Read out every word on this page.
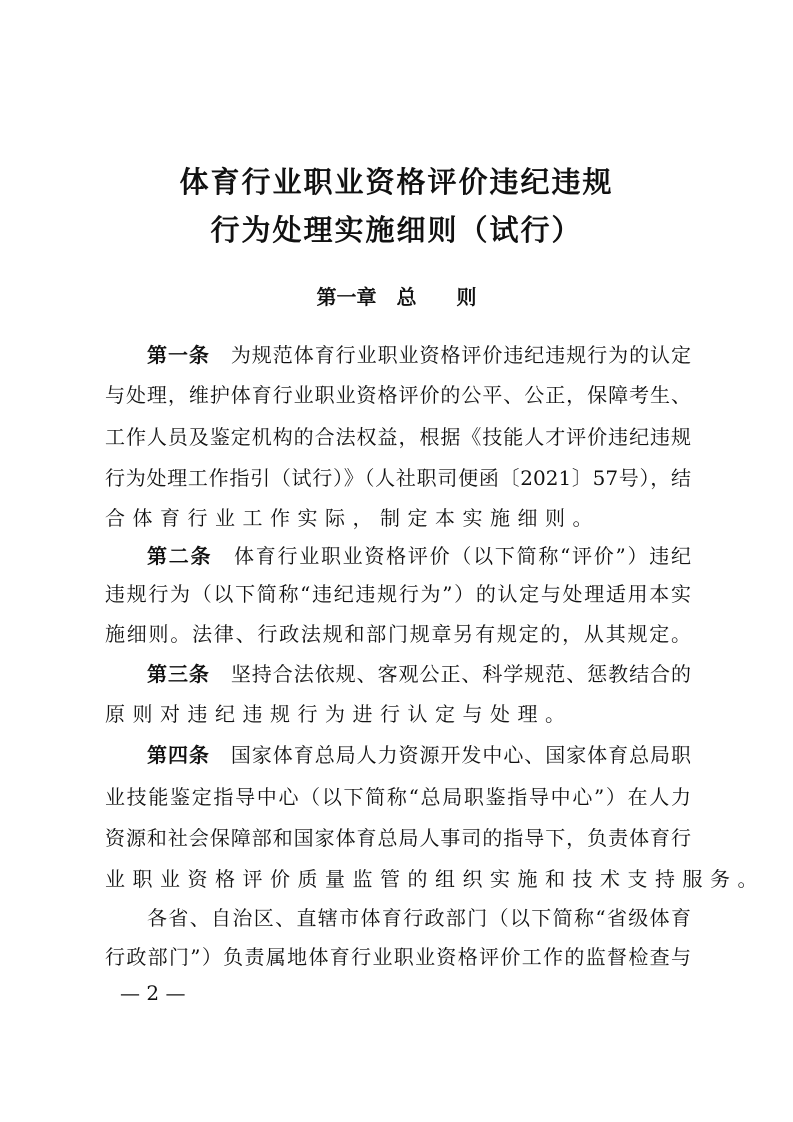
体育行业职业资格评价违纪违规
行为处理实施细则（试行）
第一章　 总　　则
第一条　为规范体育行业职业资格评价违纪违规行为的认定
与处理，维护体育行业职业资格评价的公平、公正，保障考生、
工作人员及鉴定机构的合法权益，根据《技能人才评价违纪违规
行为处理工作指引（试行）》（人社职司便函〔2021〕57号），结
合体育行业工作实际，制定本实施细则。
第二条　体育行业职业资格评价（以下简称“评价”）违纪
违规行为（以下简称“违纪违规行为”）的认定与处理适用本实
施细则。法律、行政法规和部门规章另有规定的，从其规定。
第三条　坚持合法依规、客观公正、科学规范、惩教结合的
原则对违纪违规行为进行认定与处理。
第四条　国家体育总局人力资源开发中心、国家体育总局职
业技能鉴定指导中心（以下简称“总局职鉴指导中心”）在人力
资源和社会保障部和国家体育总局人事司的指导下，负责体育行
业职业资格评价质量监管的组织实施和技术支持服务。
各省、自治区、直辖市体育行政部门（以下简称“省级体育
行政部门”）负责属地体育行业职业资格评价工作的监督检查与
— 2 —
